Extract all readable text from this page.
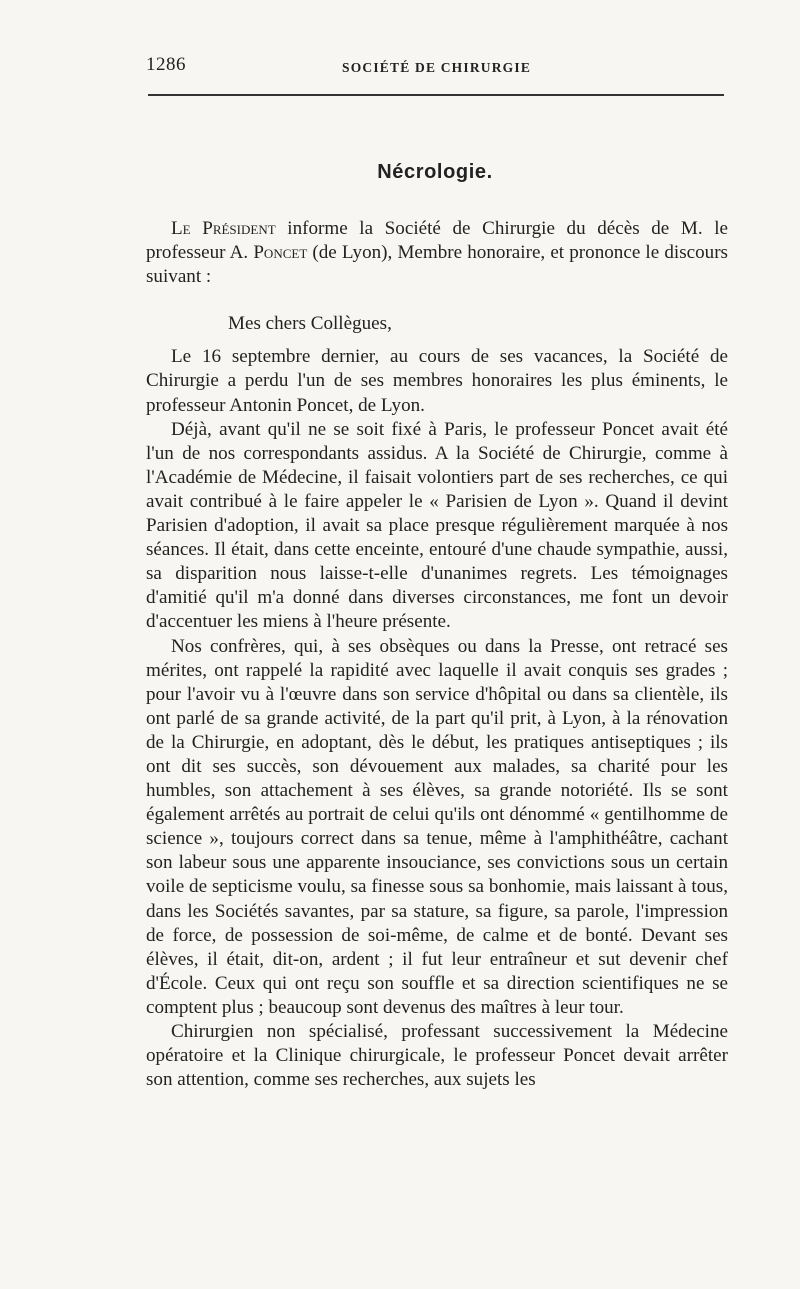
1286	SOCIÉTÉ DE CHIRURGIE
Nécrologie.

Le Président informe la Société de Chirurgie du décès de M. le professeur A. Poncet (de Lyon), Membre honoraire, et prononce le discours suivant :

Mes chers Collègues,

Le 16 septembre dernier, au cours de ses vacances, la Société de Chirurgie a perdu l'un de ses membres honoraires les plus éminents, le professeur Antonin Poncet, de Lyon.

Déjà, avant qu'il ne se soit fixé à Paris, le professeur Poncet avait été l'un de nos correspondants assidus. A la Société de Chirurgie, comme à l'Académie de Médecine, il faisait volontiers part de ses recherches, ce qui avait contribué à le faire appeler le « Parisien de Lyon ». Quand il devint Parisien d'adoption, il avait sa place presque régulièrement marquée à nos séances. Il était, dans cette enceinte, entouré d'une chaude sympathie, aussi, sa disparition nous laisse-t-elle d'unanimes regrets. Les témoignages d'amitié qu'il m'a donné dans diverses circonstances, me font un devoir d'accentuer les miens à l'heure présente.

Nos confrères, qui, à ses obsèques ou dans la Presse, ont retracé ses mérites, ont rappelé la rapidité avec laquelle il avait conquis ses grades ; pour l'avoir vu à l'œuvre dans son service d'hôpital ou dans sa clientèle, ils ont parlé de sa grande activité, de la part qu'il prit, à Lyon, à la rénovation de la Chirurgie, en adoptant, dès le début, les pratiques antiseptiques ; ils ont dit ses succès, son dévouement aux malades, sa charité pour les humbles, son attachement à ses élèves, sa grande notoriété. Ils se sont également arrêtés au portrait de celui qu'ils ont dénommé « gentilhomme de science », toujours correct dans sa tenue, même à l'amphithéâtre, cachant son labeur sous une apparente insouciance, ses convictions sous un certain voile de septicisme voulu, sa finesse sous sa bonhomie, mais laissant à tous, dans les Sociétés savantes, par sa stature, sa figure, sa parole, l'impression de force, de possession de soi-même, de calme et de bonté. Devant ses élèves, il était, dit-on, ardent ; il fut leur entraîneur et sut devenir chef d'École. Ceux qui ont reçu son souffle et sa direction scientifiques ne se comptent plus ; beaucoup sont devenus des maîtres à leur tour.

Chirurgien non spécialisé, professant successivement la Médecine opératoire et la Clinique chirurgicale, le professeur Poncet devait arrêter son attention, comme ses recherches, aux sujets les
